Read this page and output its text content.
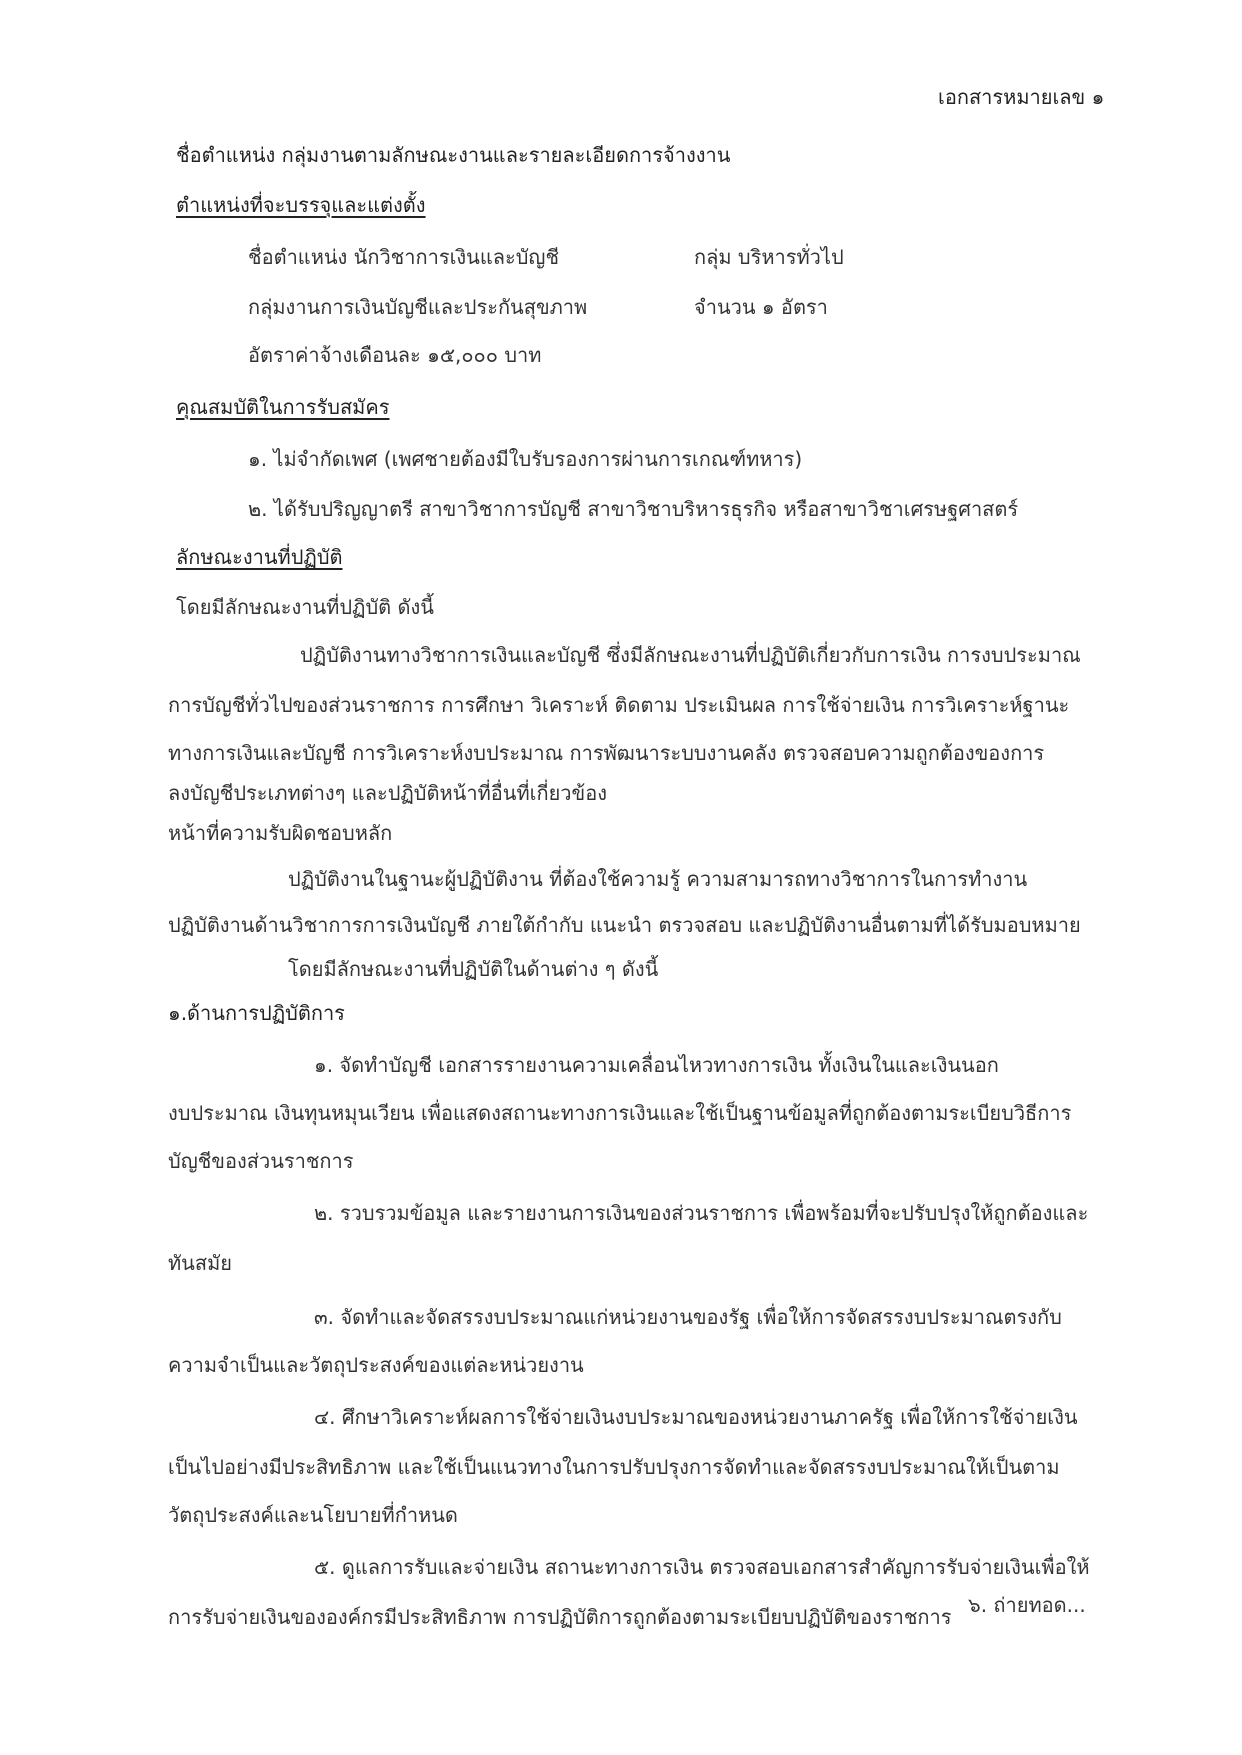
เอกสารหมายเลข ๑
ชื่อตำแหน่ง กลุ่มงานตามลักษณะงานและรายละเอียดการจ้างงาน
ตำแหน่งที่จะบรรจุและแต่งตั้ง
ชื่อตำแหน่ง นักวิชาการเงินและบัญชี	กลุ่ม บริหารทั่วไป
กลุ่มงานการเงินบัญชีและประกันสุขภาพ	จำนวน ๑ อัตรา
อัตราค่าจ้างเดือนละ ๑๕,๐๐๐ บาท
คุณสมบัติในการรับสมัคร
๑. ไม่จำกัดเพศ (เพศชายต้องมีใบรับรองการผ่านการเกณฑ์ทหาร)
๒. ได้รับปริญญาตรี สาขาวิชาการบัญชี สาขาวิชาบริหารธุรกิจ หรือสาขาวิชาเศรษฐศาสตร์
ลักษณะงานที่ปฏิบัติ
โดยมีลักษณะงานที่ปฏิบัติ ดังนี้
ปฏิบัติงานทางวิชาการเงินและบัญชี ซึ่งมีลักษณะงานที่ปฏิบัติเกี่ยวกับการเงิน การงบประมาณ
การบัญชีทั่วไปของส่วนราชการ การศึกษา วิเคราะห์ ติดตาม ประเมินผล การใช้จ่ายเงิน การวิเคราะห์ฐานะ
ทางการเงินและบัญชี การวิเคราะห์งบประมาณ การพัฒนาระบบงานคลัง ตรวจสอบความถูกต้องของการ
ลงบัญชีประเภทต่างๆ และปฏิบัติหน้าที่อื่นที่เกี่ยวข้อง
หน้าที่ความรับผิดชอบหลัก
ปฏิบัติงานในฐานะผู้ปฏิบัติงาน ที่ต้องใช้ความรู้ ความสามารถทางวิชาการในการทำงาน
ปฏิบัติงานด้านวิชาการการเงินบัญชี ภายใต้กำกับ แนะนำ ตรวจสอบ และปฏิบัติงานอื่นตามที่ได้รับมอบหมาย
โดยมีลักษณะงานที่ปฏิบัติในด้านต่าง ๆ ดังนี้
๑.ด้านการปฏิบัติการ
๑. จัดทำบัญชี เอกสารรายงานความเคลื่อนไหวทางการเงิน ทั้งเงินในและเงินนอก
งบประมาณ เงินทุนหมุนเวียน เพื่อแสดงสถานะทางการเงินและใช้เป็นฐานข้อมูลที่ถูกต้องตามระเบียบวิธีการ
บัญชีของส่วนราชการ
๒. รวบรวมข้อมูล และรายงานการเงินของส่วนราชการ เพื่อพร้อมที่จะปรับปรุงให้ถูกต้องและ
ทันสมัย
๓. จัดทำและจัดสรรงบประมาณแก่หน่วยงานของรัฐ เพื่อให้การจัดสรรงบประมาณตรงกับ
ความจำเป็นและวัตถุประสงค์ของแต่ละหน่วยงาน
๔. ศึกษาวิเคราะห์ผลการใช้จ่ายเงินงบประมาณของหน่วยงานภาครัฐ เพื่อให้การใช้จ่ายเงิน
เป็นไปอย่างมีประสิทธิภาพ และใช้เป็นแนวทางในการปรับปรุงการจัดทำและจัดสรรงบประมาณให้เป็นตาม
วัตถุประสงค์และนโยบายที่กำหนด
๕. ดูแลการรับและจ่ายเงิน สถานะทางการเงิน ตรวจสอบเอกสารสำคัญการรับจ่ายเงินเพื่อให้
การรับจ่ายเงินขององค์กรมีประสิทธิภาพ การปฏิบัติการถูกต้องตามระเบียบปฏิบัติของราชการ ๖. ถ่ายทอด...
